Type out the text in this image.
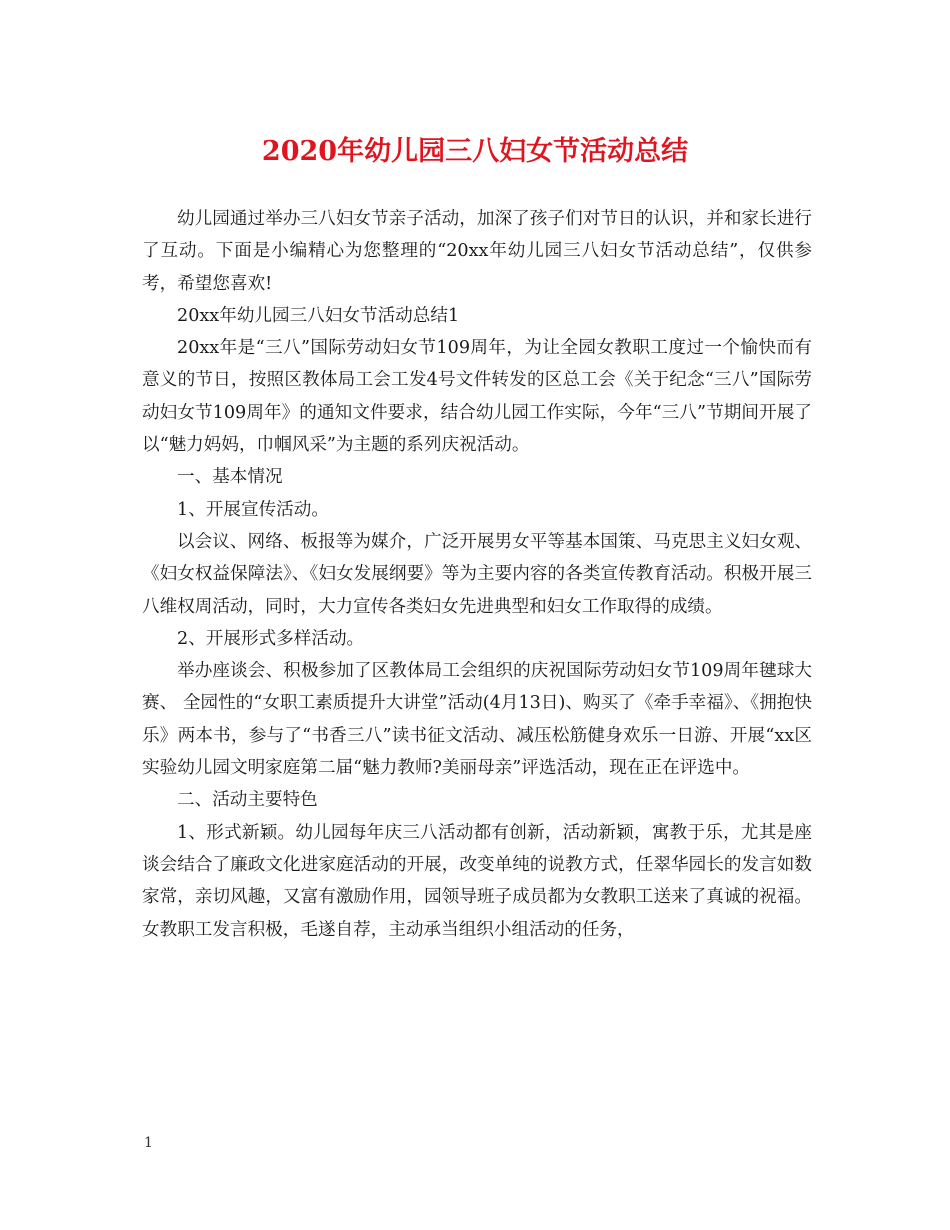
2020年幼儿园三八妇女节活动总结

幼儿园通过举办三八妇女节亲子活动，加深了孩子们对节日的认识，并和家长进行了互动。下面是小编精心为您整理的“20xx年幼儿园三八妇女节活动总结”，仅供参考，希望您喜欢!

20xx年幼儿园三八妇女节活动总结1

20xx年是“三八”国际劳动妇女节109周年，为让全园女教职工度过一个愉快而有意义的节日，按照区教体局工会工发4号文件转发的区总工会《关于纪念“三八”国际劳动妇女节109周年》的通知文件要求，结合幼儿园工作实际，今年“三八”节期间开展了以“魅力妈妈，巾帼风采”为主题的系列庆祝活动。

一、基本情况

1、开展宣传活动。

以会议、网络、板报等为媒介，广泛开展男女平等基本国策、马克思主义妇女观、《妇女权益保障法》、《妇女发展纲要》等为主要内容的各类宣传教育活动。积极开展三八维权周活动，同时，大力宣传各类妇女先进典型和妇女工作取得的成绩。

2、开展形式多样活动。

举办座谈会、积极参加了区教体局工会组织的庆祝国际劳动妇女节109周年毽球大赛、 全园性的“女职工素质提升大讲堂”活动(4月13日)、购买了《牵手幸福》、《拥抱快乐》两本书，参与了“书香三八”读书征文活动、减压松筋健身欢乐一日游、开展“xx区实验幼儿园文明家庭第二届“魅力教师?美丽母亲”评选活动，现在正在评选中。

二、活动主要特色

1、形式新颖。幼儿园每年庆三八活动都有创新，活动新颖，寓教于乐，尤其是座谈会结合了廉政文化进家庭活动的开展，改变单纯的说教方式，任翠华园长的发言如数家常，亲切风趣，又富有激励作用，园领导班子成员都为女教职工送来了真诚的祝福。女教职工发言积极，毛遂自荐，主动承当组织小组活动的任务，

1
